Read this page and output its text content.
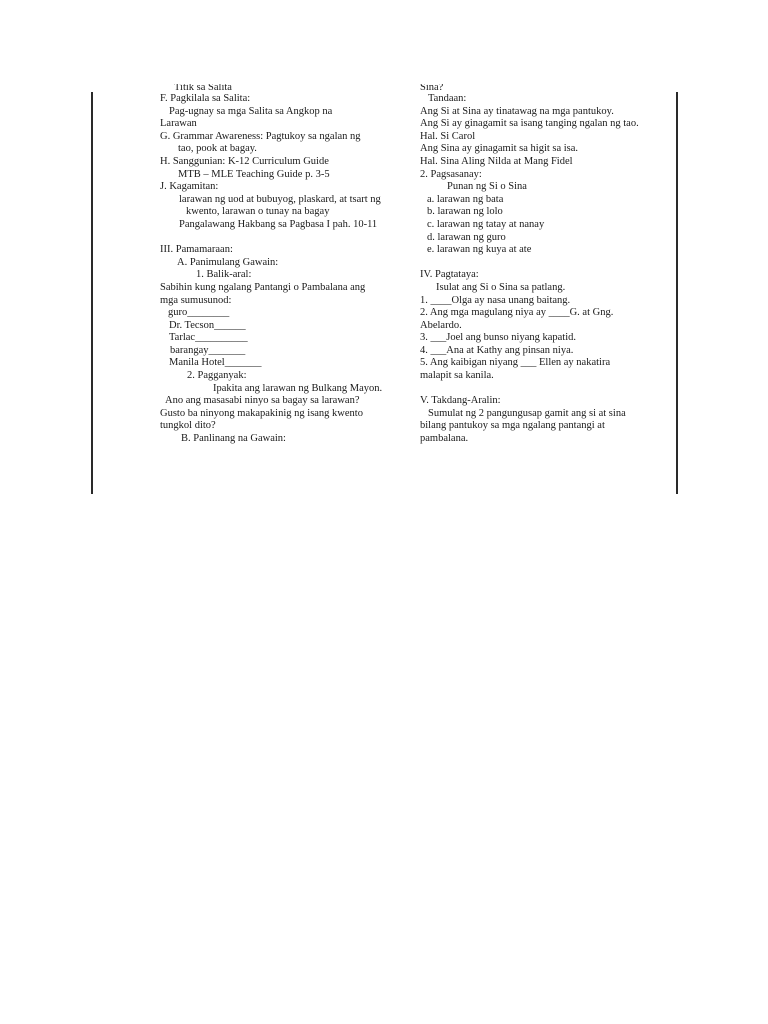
Titik sa Salita
F. Pagkilala sa Salita:
Pag-ugnay sa mga Salita sa Angkop na
Larawan
G. Grammar Awareness: Pagtukoy sa ngalan ng
tao, pook at bagay.
H. Sanggunian: K-12 Curriculum Guide
MTB – MLE Teaching Guide p. 3-5
J. Kagamitan:
larawan ng uod at bubuyog, plaskard, at tsart ng
kwento, larawan o tunay na bagay
Pangalawang Hakbang sa Pagbasa I pah. 10-11
III. Pamamaraan:
A. Panimulang Gawain:
1. Balik-aral:
Sabihin kung ngalang Pantangi o Pambalana ang
mga sumusunod:
guro________
Dr. Tecson______
Tarlac__________
barangay_______
Manila Hotel_______
2. Pagganyak:
Ipakita ang larawan ng Bulkang Mayon.
Ano ang masasabi ninyo sa bagay sa larawan?
Gusto ba ninyong makapakinig ng isang kwento
tungkol dito?
B. Panlinang na Gawain:
Sina?
Tandaan:
Ang Si at Sina ay tinatawag na mga pantukoy.
Ang Si ay ginagamit sa isang tanging ngalan ng tao.
Hal. Si Carol
Ang Sina ay ginagamit sa higit sa isa.
Hal. Sina Aling Nilda at Mang Fidel
2. Pagsasanay:
Punan ng Si o Sina
a. larawan ng bata
b. larawan ng lolo
c. larawan ng tatay at nanay
d. larawan ng guro
e. larawan ng kuya at ate
IV. Pagtataya:
Isulat ang Si o Sina sa patlang.
1. ____Olga ay nasa unang baitang.
2. Ang mga magulang niya ay ____G. at Gng.
Abelardo.
3. ___Joel ang bunso niyang kapatid.
4. ___Ana at Kathy ang pinsan niya.
5. Ang kaibigan niyang ___ Ellen ay nakatira
malapit sa kanila.
V. Takdang-Aralin:
Sumulat ng 2 pangungusap gamit ang si at sina
bilang pantukoy sa mga ngalang pantangi at
pambalana.
